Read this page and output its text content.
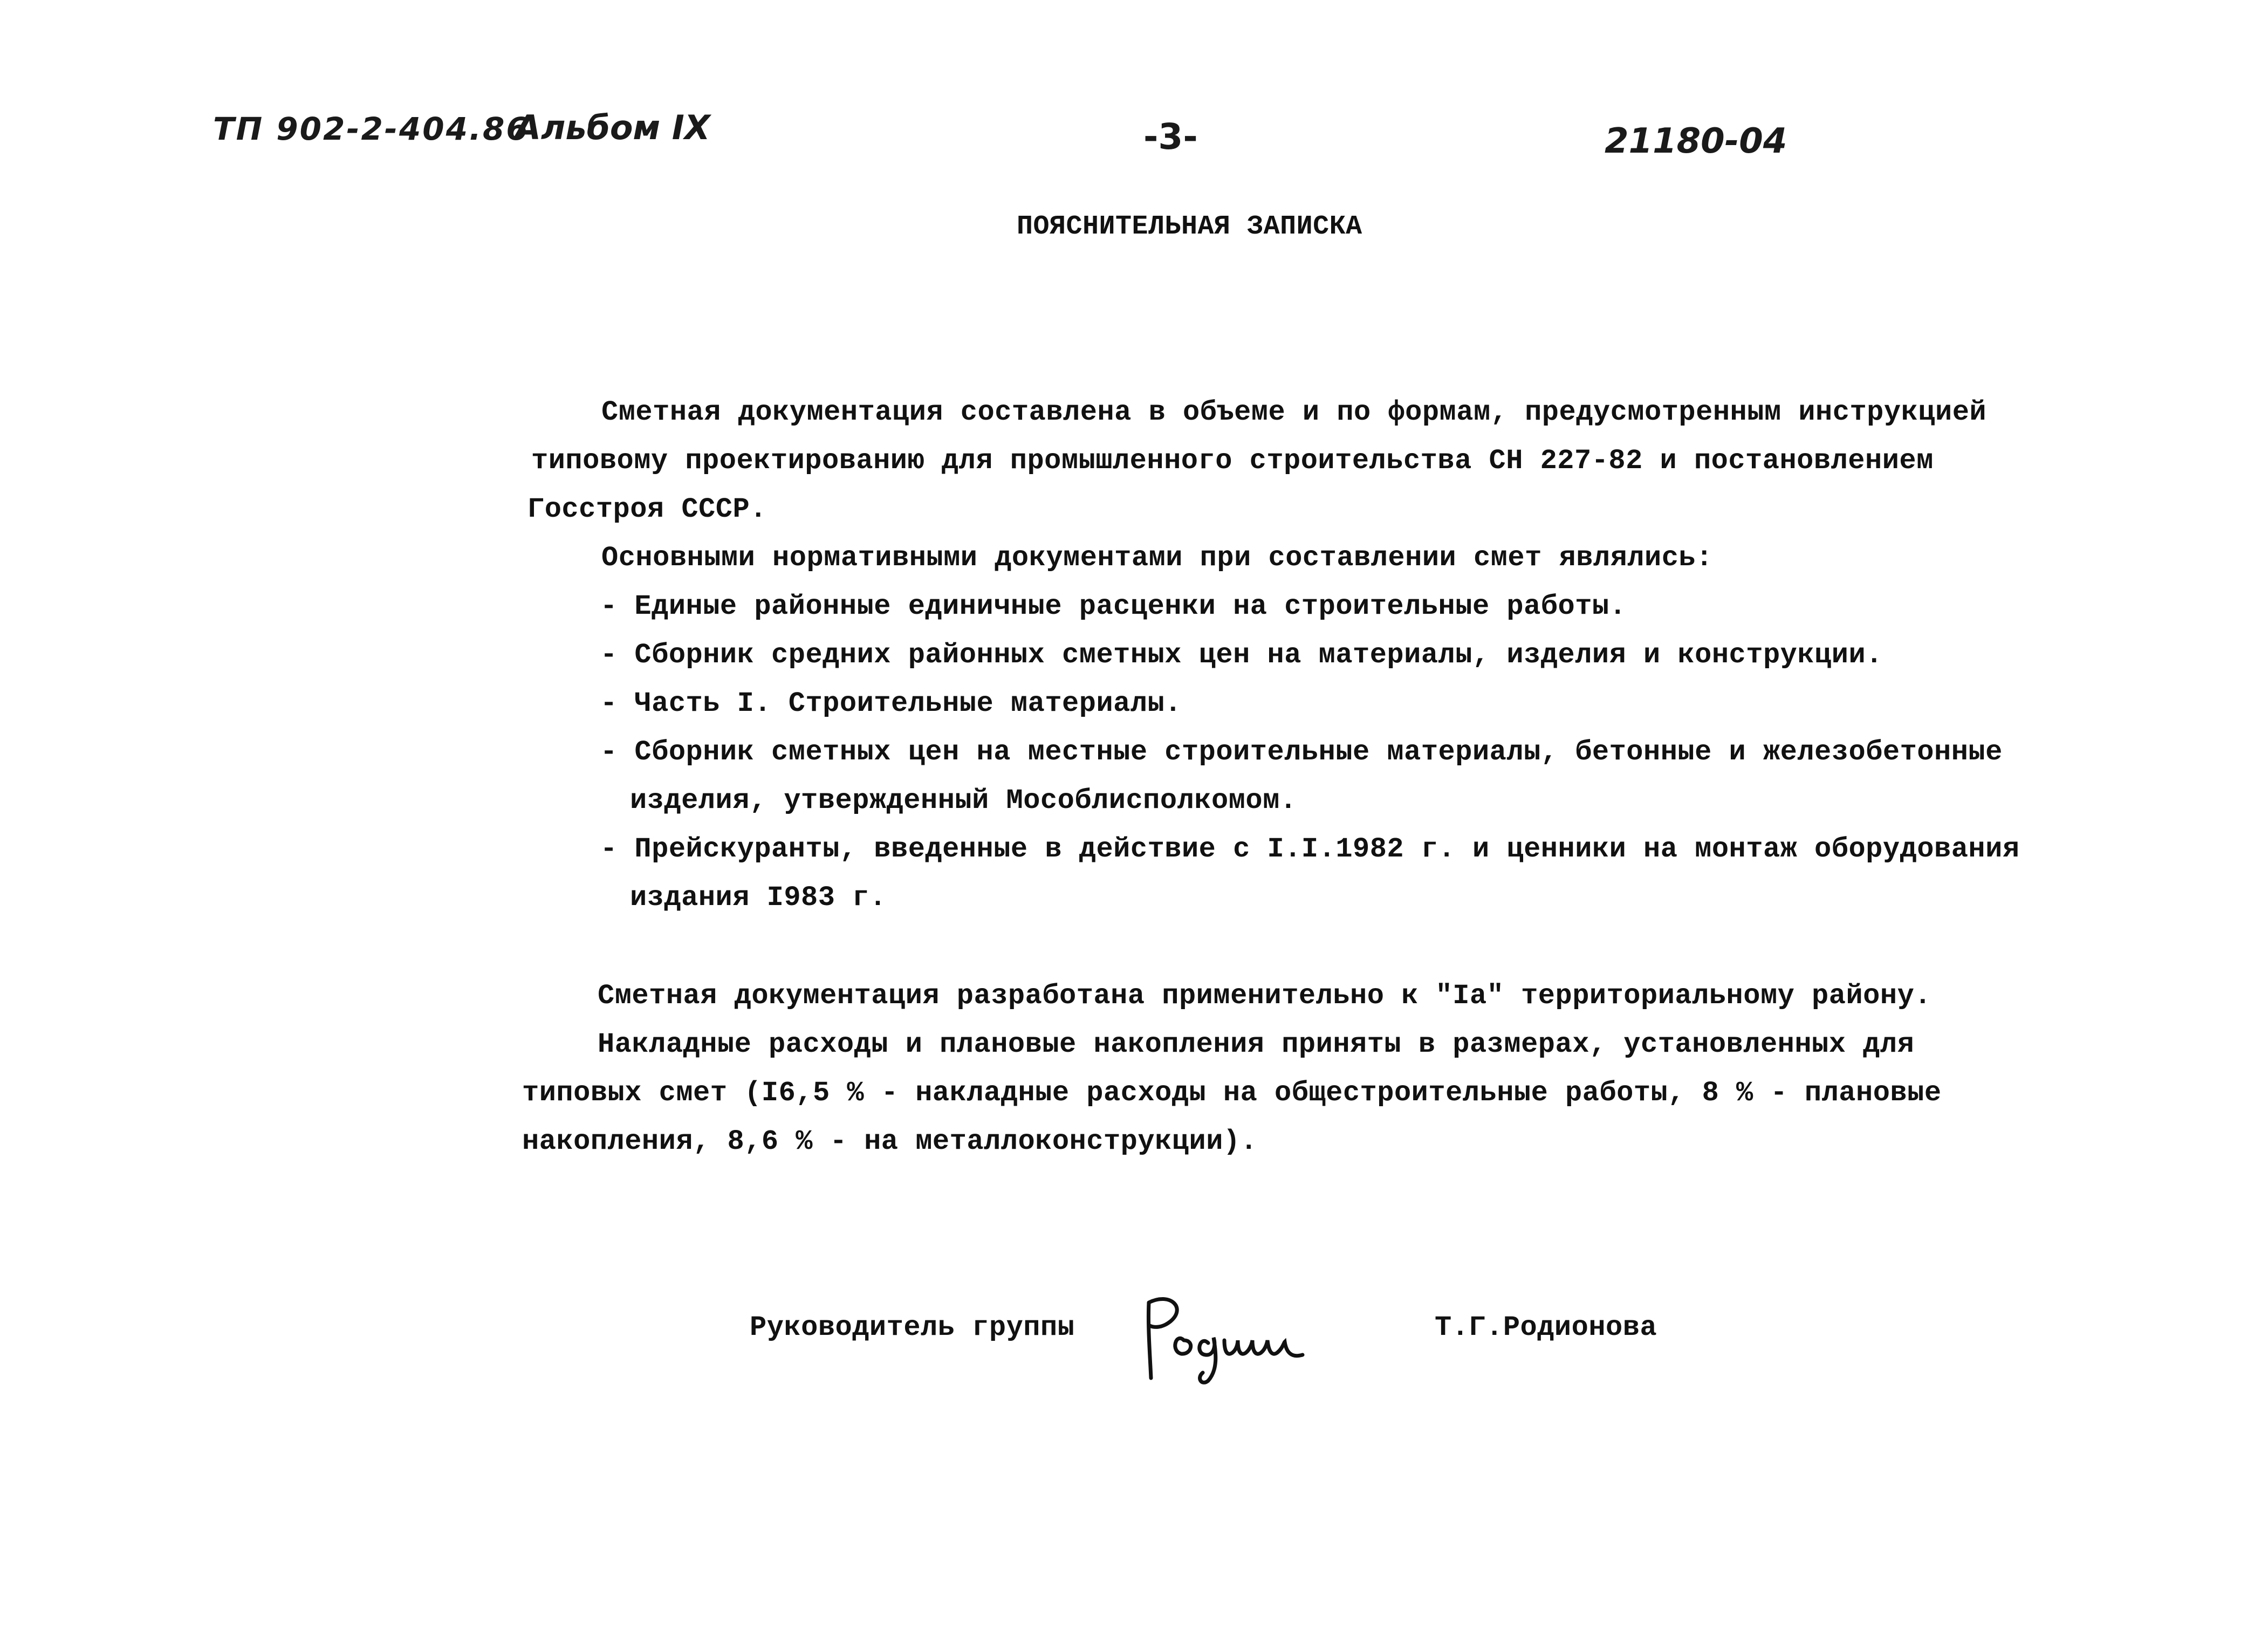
ТП 902-2-404.86
Альбом IX	-3-	21180-04
ПОЯСНИТЕЛЬНАЯ ЗАПИСКА
Сметная документация составлена в объеме и по формам, предусмотренным инструкцией
типовому проектированию для промышленного строительства СН 227-82 и постановлением
Госстроя СССР.
Основными нормативными документами при составлении смет являлись:
- Единые районные единичные расценки на строительные работы.
- Сборник средних районных сметных цен на материалы, изделия и конструкции.
- Часть I. Строительные материалы.
- Сборник сметных цен на местные строительные материалы, бетонные и железобетонные
изделия, утвержденный Мособлисполкомом.
- Прейскуранты, введенные в действие с I.I.1982 г. и ценники на монтаж оборудования
издания I983 г.
Сметная документация разработана применительно к "Iа" территориальному району.
Накладные расходы и плановые накопления приняты в размерах, установленных для
типовых смет (I6,5 % - накладные расходы на общестроительные работы, 8 % - плановые
накопления, 8,6 % - на металлоконструкции).
Руководитель группы	Т.Г.Родионова
